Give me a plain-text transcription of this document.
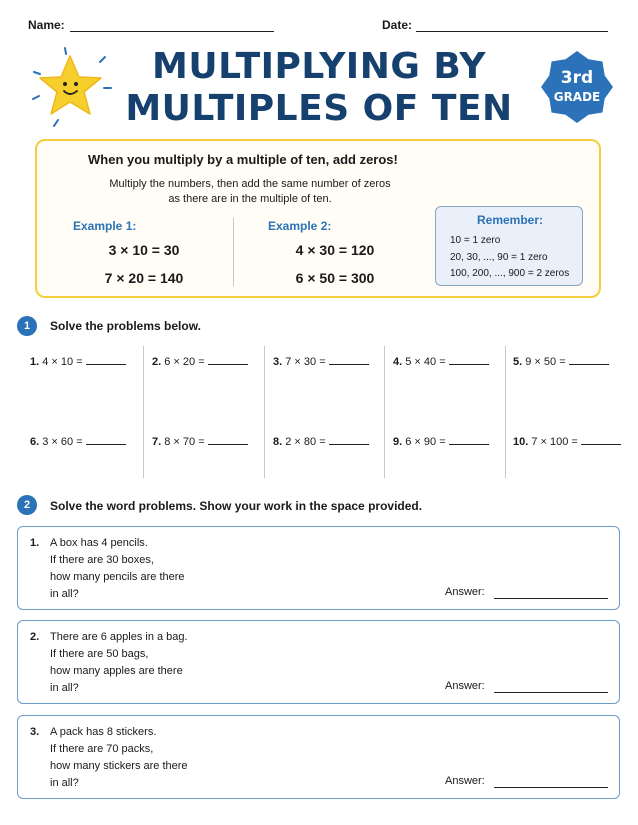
Name:	Date:
MULTIPLYING BY
MULTIPLES OF TEN
3rd
GRADE
When you multiply by a multiple of ten, add zeros!
Multiply the numbers, then add the same number of zeros
as there are in the multiple of ten.
Example 1:
3 × 10 = 30
7 × 20 = 140
Example 2:
4 × 30 = 120
6 × 50 = 300
Remember:
10 = 1 zero
20, 30, ..., 90 = 1 zero
100, 200, ..., 900 = 2 zeros
1	Solve the problems below.
1. 4 × 10 =	2. 6 × 20 =	3. 7 × 30 =	4. 5 × 40 =	5. 9 × 50 =
6. 3 × 60 =	7. 8 × 70 =	8. 2 × 80 =	9. 6 × 90 =	10. 7 × 100 =
2	Solve the word problems. Show your work in the space provided.
1. A box has 4 pencils.
If there are 30 boxes,
how many pencils are there
in all?	Answer:
2. There are 6 apples in a bag.
If there are 50 bags,
how many apples are there
in all?	Answer:
3. A pack has 8 stickers.
If there are 70 packs,
how many stickers are there
in all?	Answer:
